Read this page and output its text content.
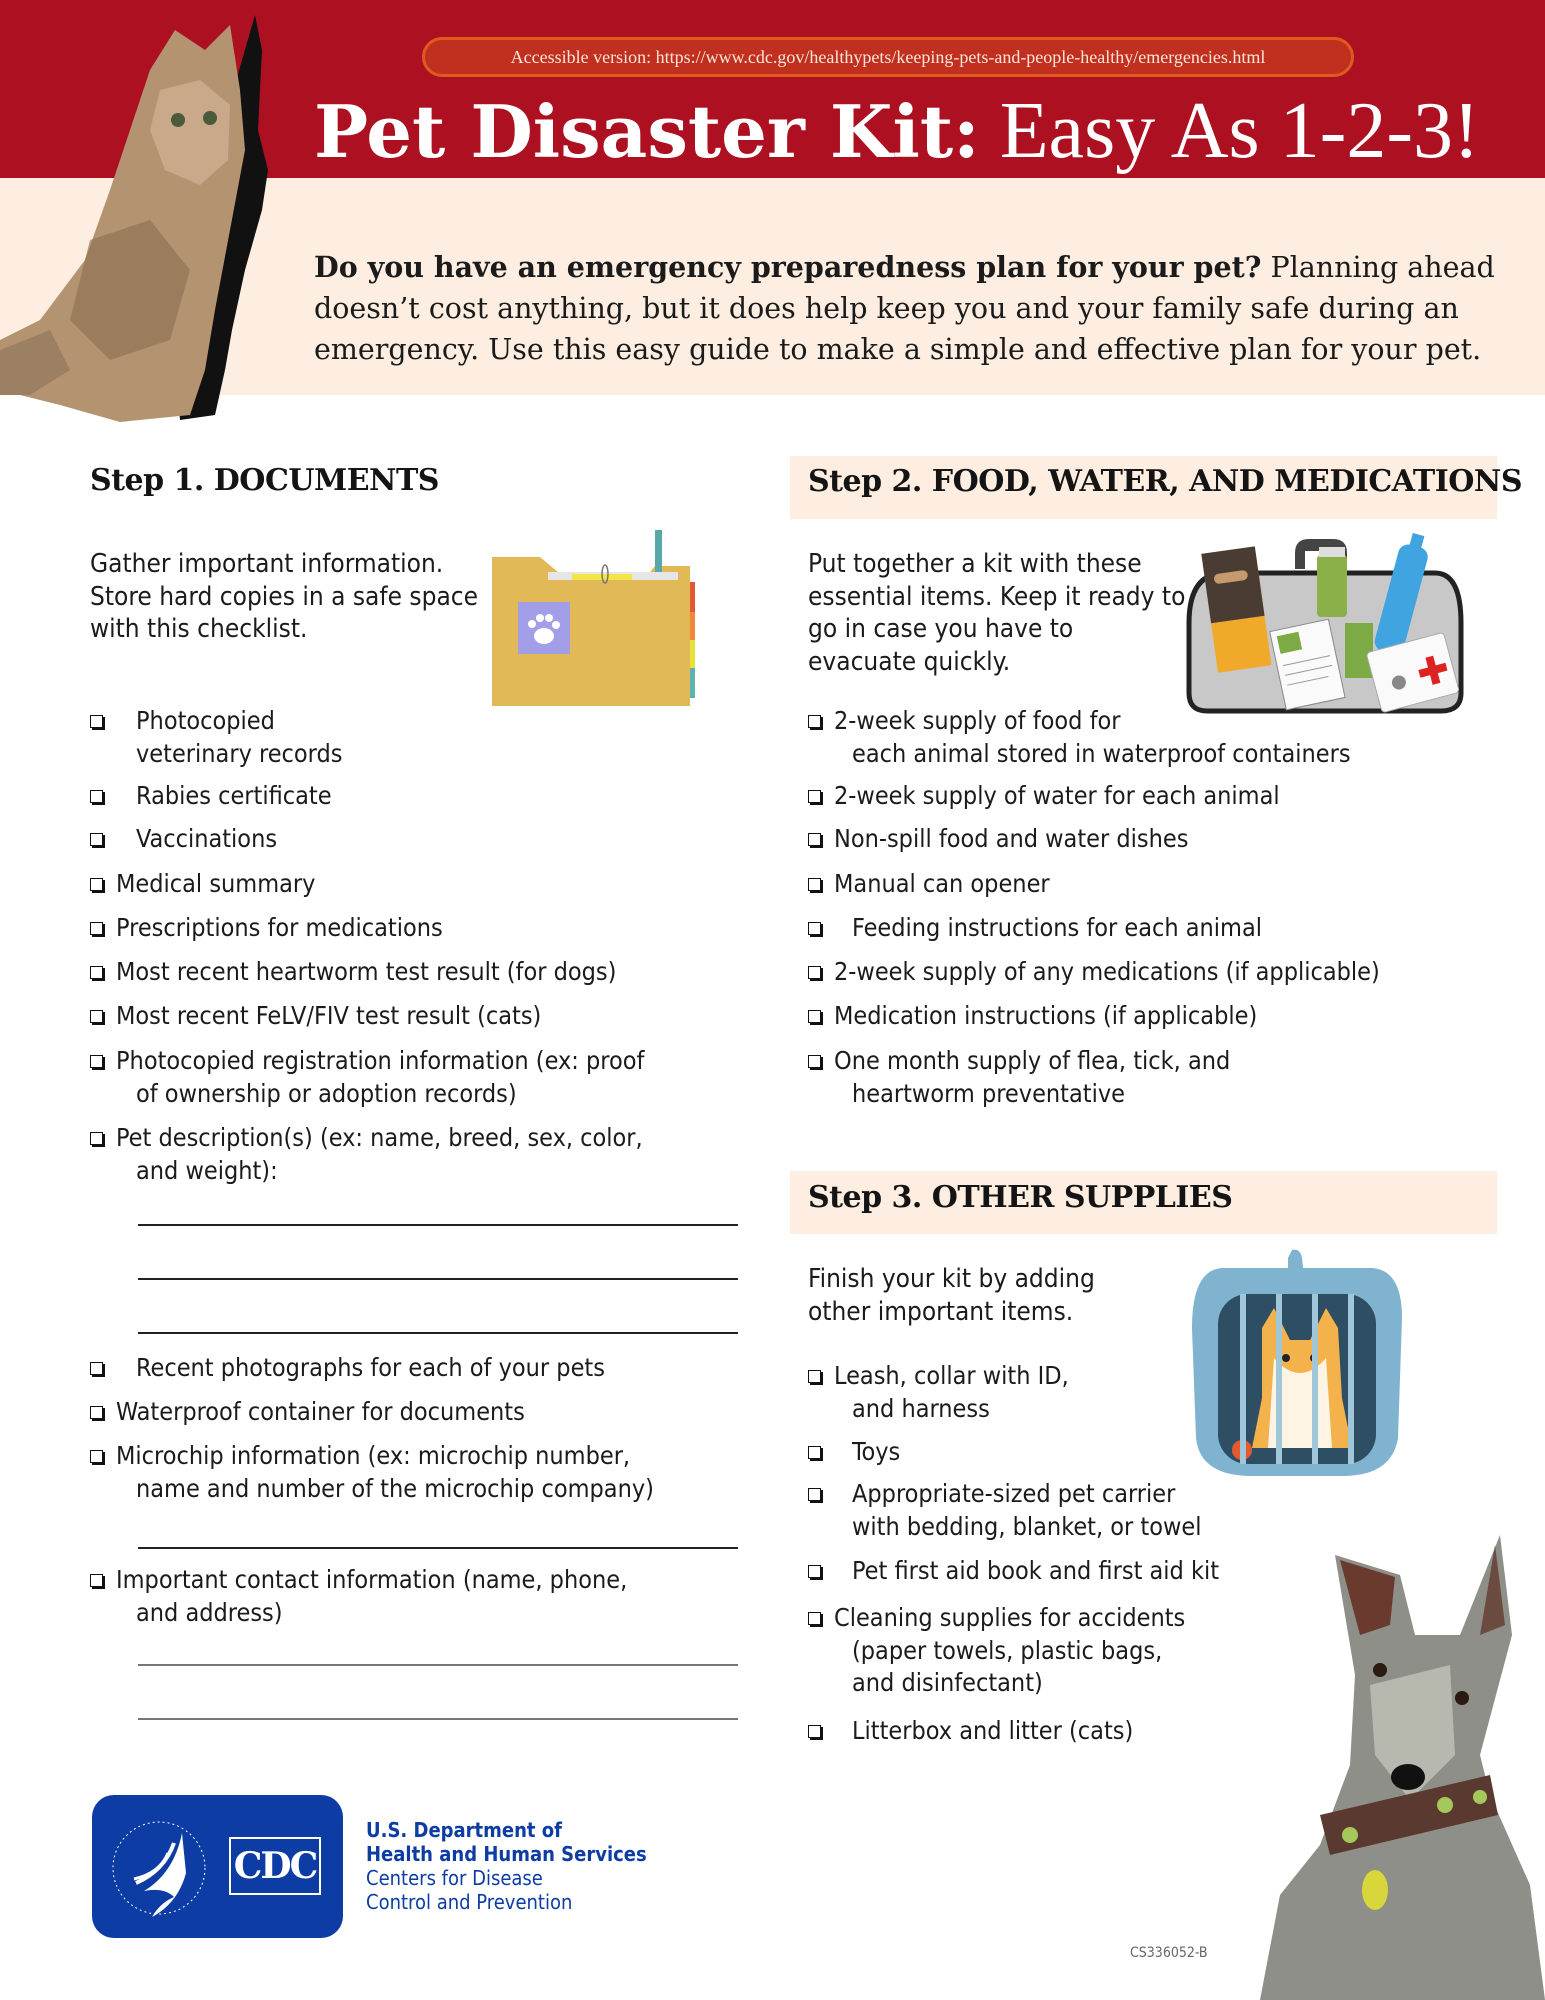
Accessible version: https://www.cdc.gov/healthypets/keeping-pets-and-people-healthy/emergencies.html
Pet Disaster Kit: Easy As 1-2-3!
Do you have an emergency preparedness plan for your pet? Planning ahead doesn’t cost anything, but it does help keep you and your family safe during an emergency. Use this easy guide to make a simple and effective plan for your pet.
Step 1. DOCUMENTS
Gather important information. Store hard copies in a safe space with this checklist.
Photocopied
veterinary records
Rabies certificate
Vaccinations
Medical summary
Prescriptions for medications
Most recent heartworm test result (for dogs)
Most recent FeLV/FIV test result (cats)
Photocopied registration information (ex: proof
of ownership or adoption records)
Pet description(s) (ex: name, breed, sex, color,
and weight):
Recent photographs for each of your pets
Waterproof container for documents
Microchip information (ex: microchip number,
name and number of the microchip company)
Important contact information (name, phone,
and address)
Step 2. FOOD, WATER, AND MEDICATIONS
Put together a kit with these essential items. Keep it ready to go in case you have to evacuate quickly.
2-week supply of food for
each animal stored in waterproof containers
2-week supply of water for each animal
Non-spill food and water dishes
Manual can opener
Feeding instructions for each animal
2-week supply of any medications (if applicable)
Medication instructions (if applicable)
One month supply of flea, tick, and
heartworm preventative
Step 3. OTHER SUPPLIES
Finish your kit by adding other important items.
Leash, collar with ID,
and harness
Toys
Appropriate-sized pet carrier
with bedding, blanket, or towel
Pet first aid book and first aid kit
Cleaning supplies for accidents
(paper towels, plastic bags,
and disinfectant)
Litterbox and litter (cats)
CDC
U.S. Department of
Health and Human Services
Centers for Disease
Control and Prevention
CS336052-B
